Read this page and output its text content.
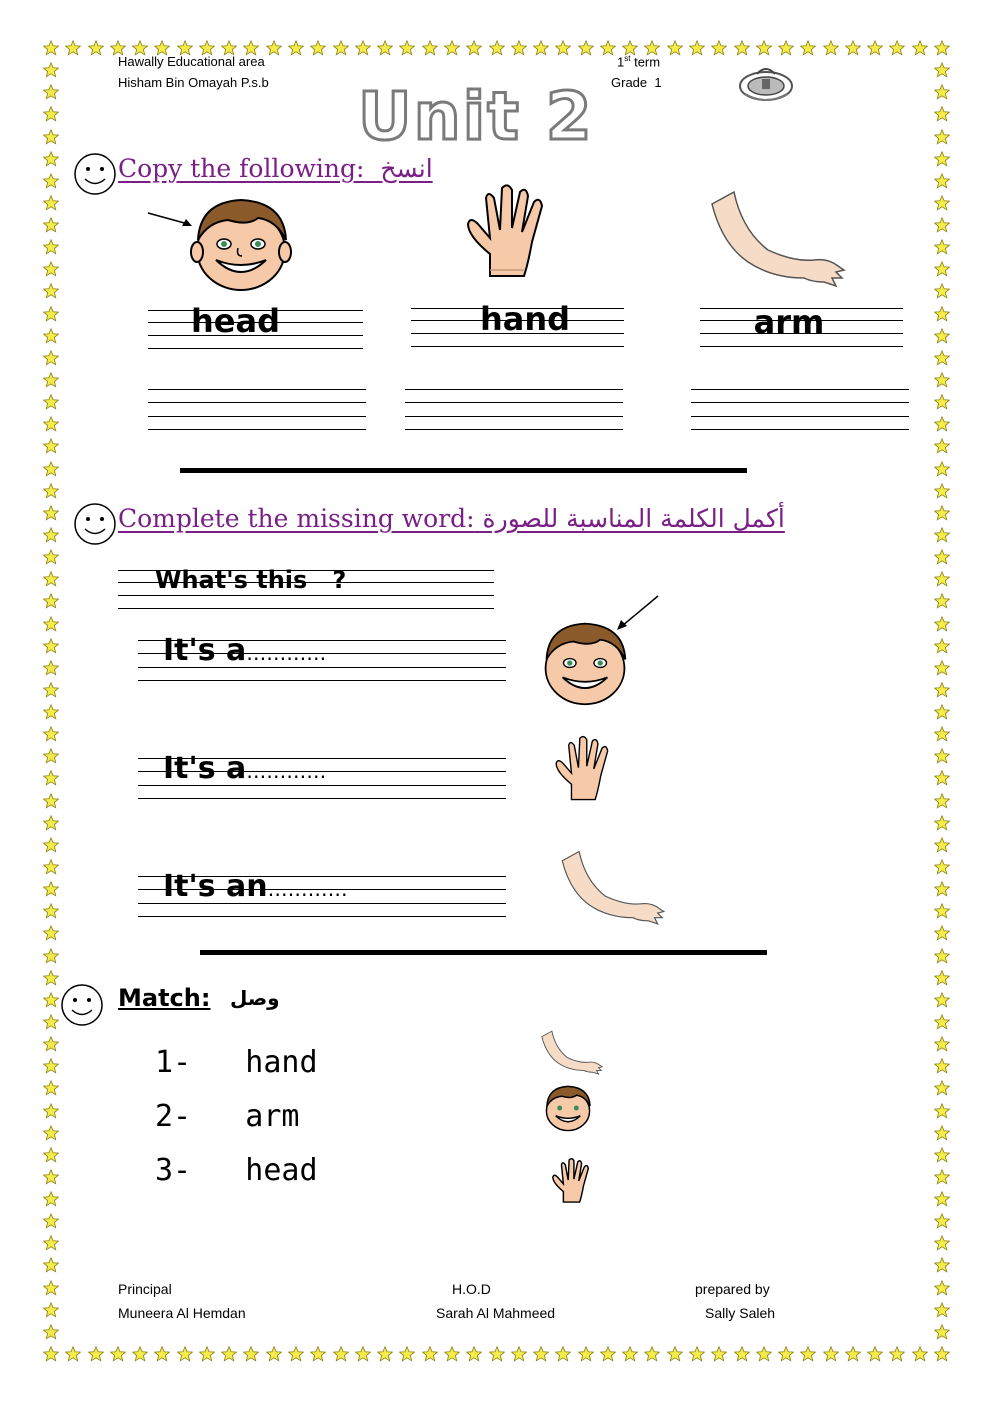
Hawally Educational area
Hisham Bin Omayah P.s.b
1st term
Grade  1
Unit 2
Copy the following: انسخ
head	hand	arm
Complete the missing word: أكمل الكلمة المناسبة للصورة
What's this   ?
It's a…………
It's a…………
It's an…………
Match: وصل
1-   hand
2-   arm
3-   head
Principal
Muneera Al Hemdan
H.O.D
Sarah Al Mahmeed
prepared by
Sally Saleh
